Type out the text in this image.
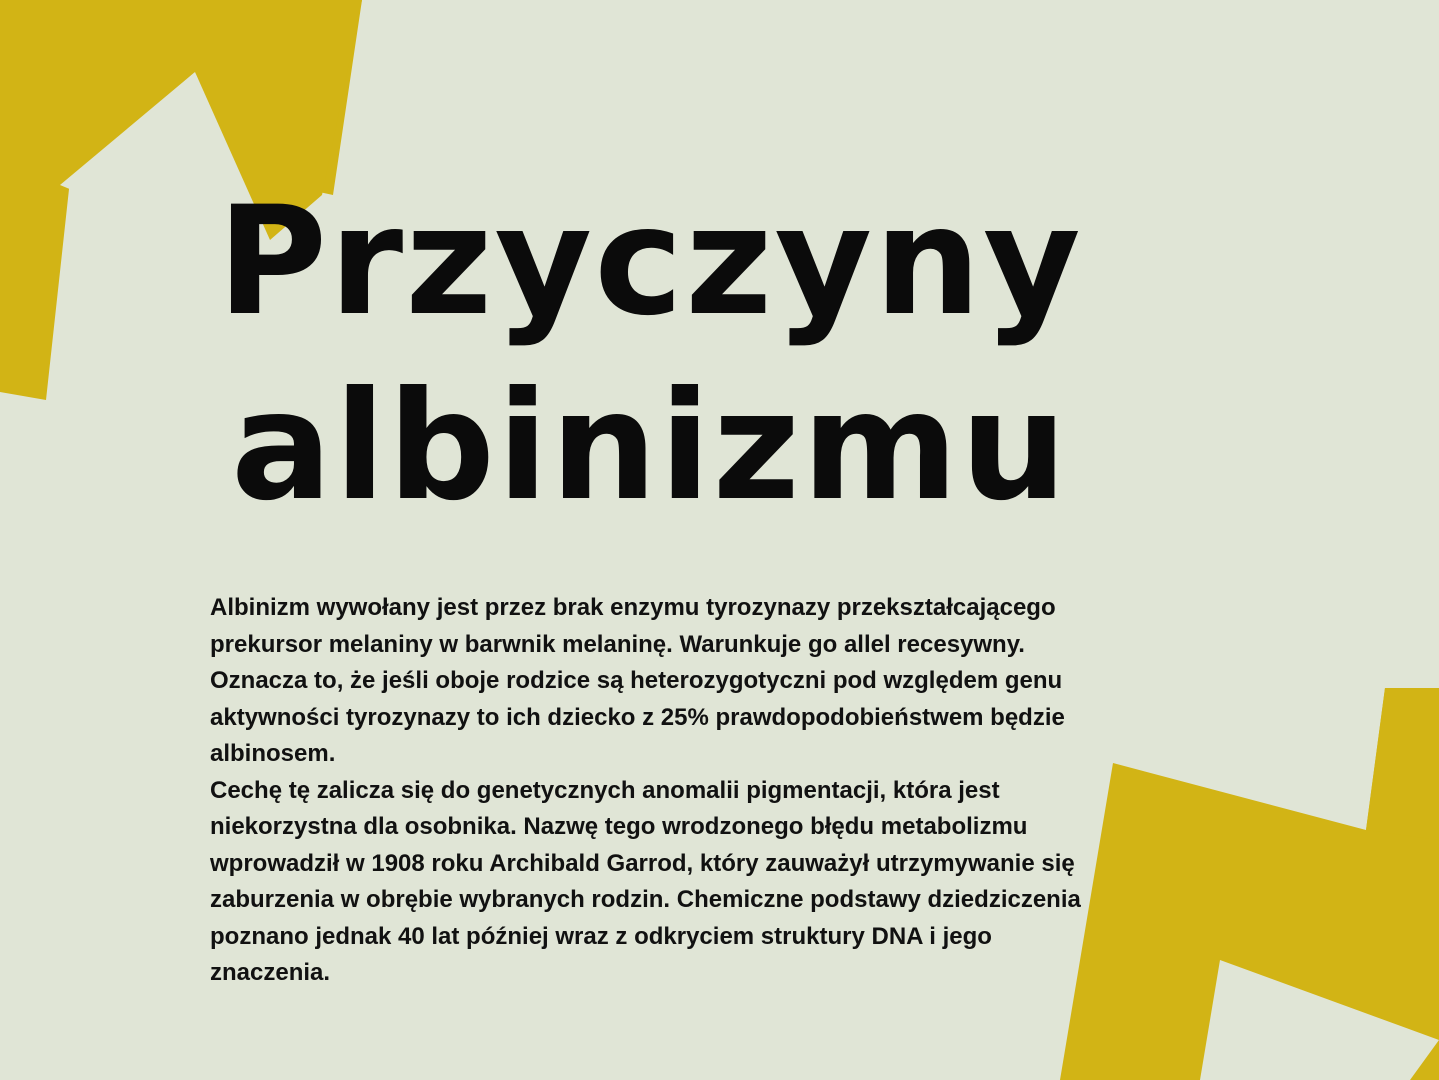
Przyczyny
albinizmu

Albinizm wywołany jest przez brak enzymu tyrozynazy przekształcającego prekursor melaniny w barwnik melaninę. Warunkuje go allel recesywny. Oznacza to, że jeśli oboje rodzice są heterozygotyczni pod względem genu aktywności tyrozynazy to ich dziecko z 25% prawdopodobieństwem będzie albinosem.

Cechę tę zalicza się do genetycznych anomalii pigmentacji, która jest niekorzystna dla osobnika. Nazwę tego wrodzonego błędu metabolizmu wprowadził w 1908 roku Archibald Garrod, który zauważył utrzymywanie się zaburzenia w obrębie wybranych rodzin. Chemiczne podstawy dziedziczenia poznano jednak 40 lat później wraz z odkryciem struktury DNA i jego znaczenia.
